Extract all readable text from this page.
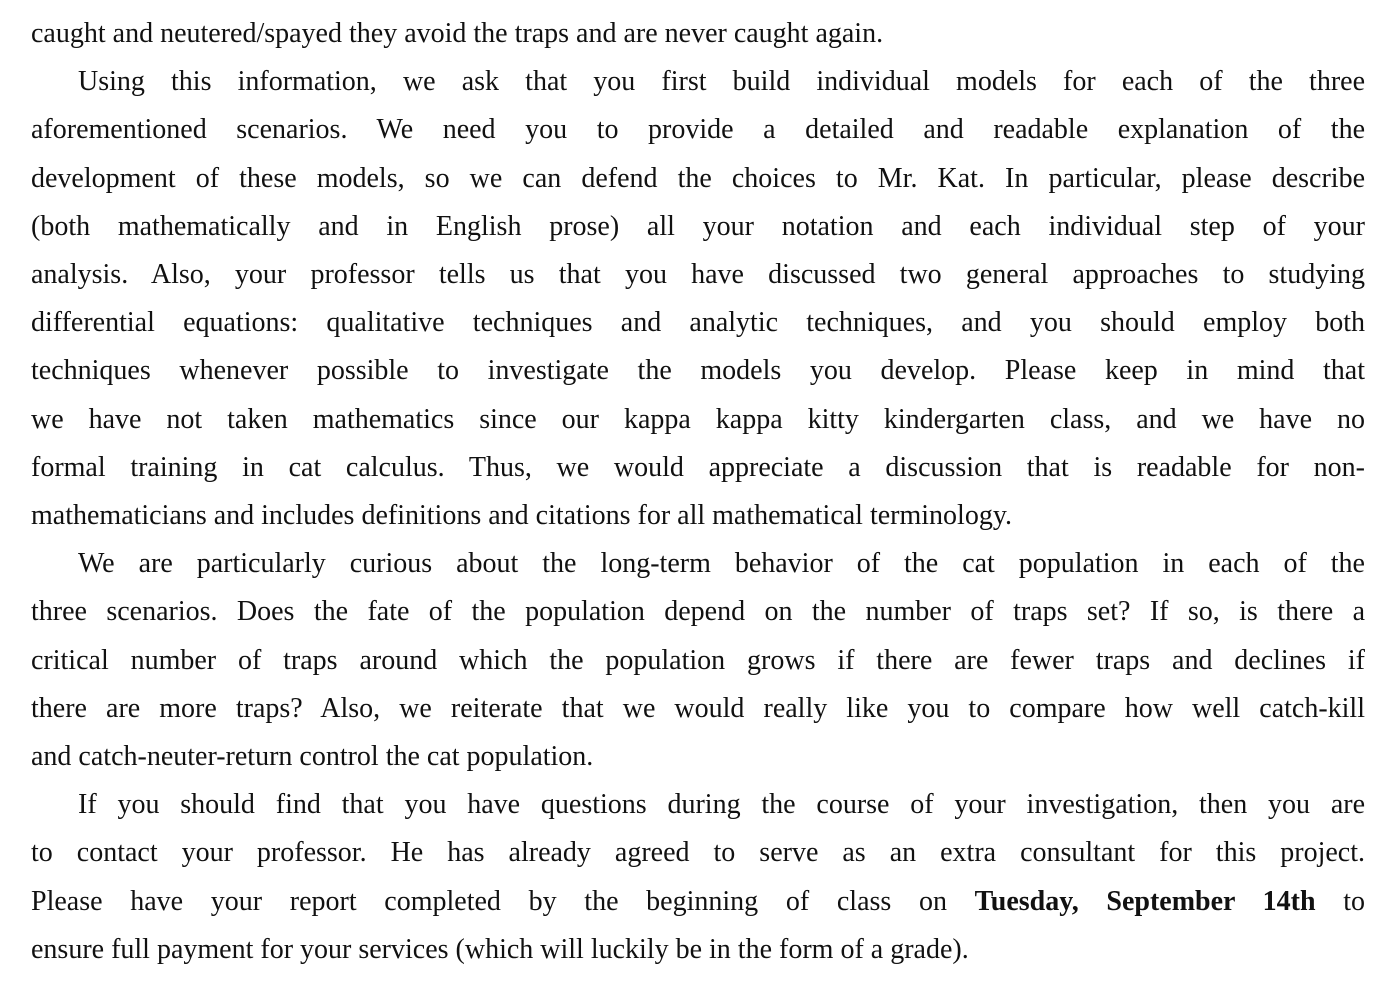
caught and neutered/spayed they avoid the traps and are never caught again.
Using this information, we ask that you first build individual models for each of the three
aforementioned scenarios. We need you to provide a detailed and readable explanation of the
development of these models, so we can defend the choices to Mr. Kat. In particular, please describe
(both mathematically and in English prose) all your notation and each individual step of your
analysis. Also, your professor tells us that you have discussed two general approaches to studying
differential equations: qualitative techniques and analytic techniques, and you should employ both
techniques whenever possible to investigate the models you develop. Please keep in mind that
we have not taken mathematics since our kappa kappa kitty kindergarten class, and we have no
formal training in cat calculus. Thus, we would appreciate a discussion that is readable for non-
mathematicians and includes definitions and citations for all mathematical terminology.
We are particularly curious about the long-term behavior of the cat population in each of the
three scenarios. Does the fate of the population depend on the number of traps set? If so, is there a
critical number of traps around which the population grows if there are fewer traps and declines if
there are more traps? Also, we reiterate that we would really like you to compare how well catch-kill
and catch-neuter-return control the cat population.
If you should find that you have questions during the course of your investigation, then you are
to contact your professor. He has already agreed to serve as an extra consultant for this project.
Please have your report completed by the beginning of class on Tuesday, September 14th to
ensure full payment for your services (which will luckily be in the form of a grade).
